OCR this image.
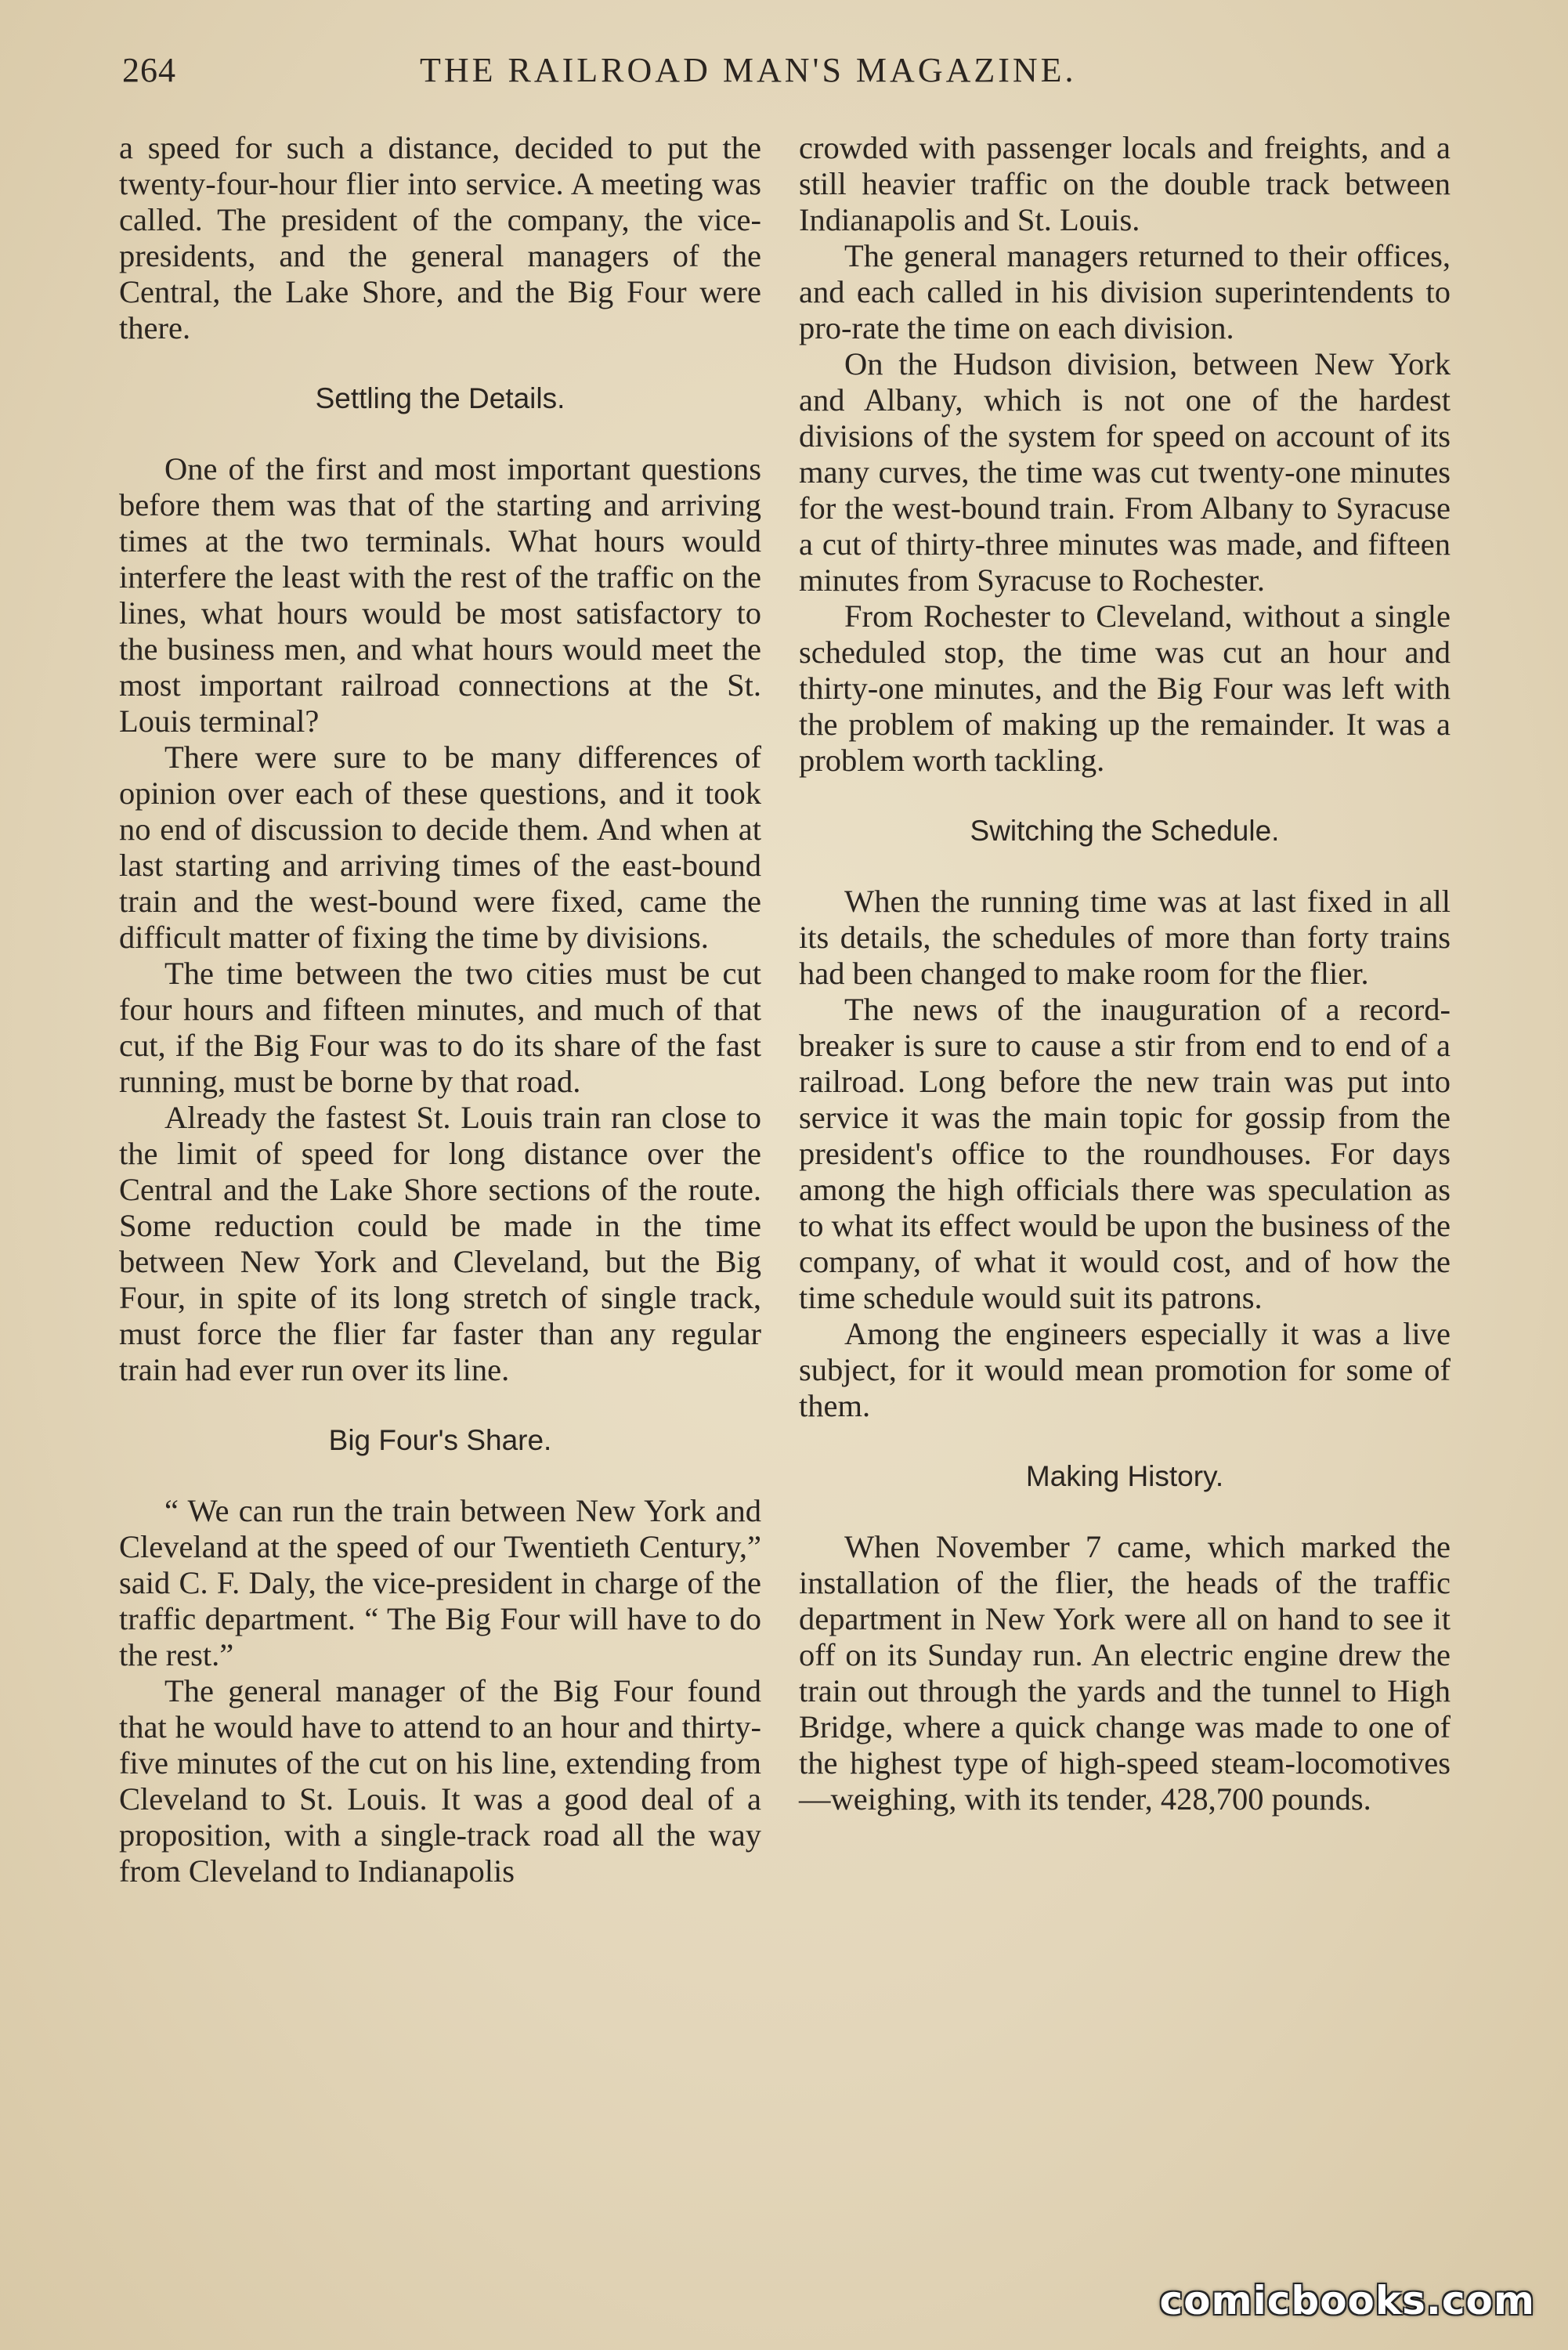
264	THE RAILROAD MAN'S MAGAZINE.

a speed for such a distance, decided to put the twenty-four-hour flier into service. A meeting was called. The president of the company, the vice-presidents, and the general managers of the Central, the Lake Shore, and the Big Four were there.

Settling the Details.

One of the first and most important questions before them was that of the starting and arriving times at the two terminals. What hours would interfere the least with the rest of the traffic on the lines, what hours would be most satisfactory to the business men, and what hours would meet the most important railroad connections at the St. Louis terminal?

There were sure to be many differences of opinion over each of these questions, and it took no end of discussion to decide them. And when at last starting and arriving times of the east-bound train and the west-bound were fixed, came the difficult matter of fixing the time by divisions.

The time between the two cities must be cut four hours and fifteen minutes, and much of that cut, if the Big Four was to do its share of the fast running, must be borne by that road.

Already the fastest St. Louis train ran close to the limit of speed for long distance over the Central and the Lake Shore sections of the route. Some reduction could be made in the time between New York and Cleveland, but the Big Four, in spite of its long stretch of single track, must force the flier far faster than any regular train had ever run over its line.

Big Four's Share.

“ We can run the train between New York and Cleveland at the speed of our Twentieth Century,” said C. F. Daly, the vice-president in charge of the traffic department. “ The Big Four will have to do the rest.”

The general manager of the Big Four found that he would have to attend to an hour and thirty-five minutes of the cut on his line, extending from Cleveland to St. Louis. It was a good deal of a proposition, with a single-track road all the way from Cleveland to Indianapolis

crowded with passenger locals and freights, and a still heavier traffic on the double track between Indianapolis and St. Louis.

The general managers returned to their offices, and each called in his division superintendents to pro-rate the time on each division.

On the Hudson division, between New York and Albany, which is not one of the hardest divisions of the system for speed on account of its many curves, the time was cut twenty-one minutes for the west-bound train. From Albany to Syracuse a cut of thirty-three minutes was made, and fifteen minutes from Syracuse to Rochester.

From Rochester to Cleveland, without a single scheduled stop, the time was cut an hour and thirty-one minutes, and the Big Four was left with the problem of making up the remainder. It was a problem worth tackling.

Switching the Schedule.

When the running time was at last fixed in all its details, the schedules of more than forty trains had been changed to make room for the flier.

The news of the inauguration of a record-breaker is sure to cause a stir from end to end of a railroad. Long before the new train was put into service it was the main topic for gossip from the president's office to the roundhouses. For days among the high officials there was speculation as to what its effect would be upon the business of the company, of what it would cost, and of how the time schedule would suit its patrons.

Among the engineers especially it was a live subject, for it would mean promotion for some of them.

Making History.

When November 7 came, which marked the installation of the flier, the heads of the traffic department in New York were all on hand to see it off on its Sunday run. An electric engine drew the train out through the yards and the tunnel to High Bridge, where a quick change was made to one of the highest type of high-speed steam-locomotives—weighing, with its tender, 428,700 pounds.

comicbooks.com
